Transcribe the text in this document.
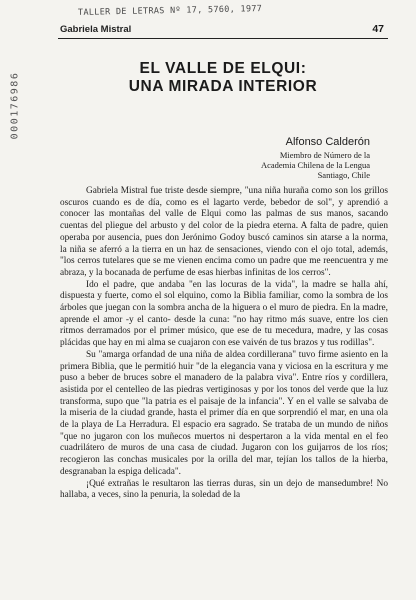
TALLER DE LETRAS Nº 17, 5760, 1977
Gabriela Mistral	47
000176986
EL VALLE DE ELQUI:
UNA MIRADA INTERIOR
Alfonso Calderón
Miembro de Número de la
Academia Chilena de la Lengua
Santiago, Chile

Gabriela Mistral fue triste desde siempre, "una niña huraña como son los grillos oscuros cuando es de día, como es el lagarto verde, bebedor de sol", y aprendió a conocer las montañas del valle de Elqui como las palmas de sus manos, sacando cuentas del pliegue del arbusto y del color de la piedra eterna. A falta de padre, quien operaba por ausencia, pues don Jerónimo Godoy buscó caminos sin atarse a la norma, la niña se aferró a la tierra en un haz de sensaciones, viendo con el ojo total, además, "los cerros tutelares que se me vienen encima como un padre que me reencuentra y me abraza, y la bocanada de perfume de esas hierbas infinitas de los cerros".

Ido el padre, que andaba "en las locuras de la vida", la madre se halla ahí, dispuesta y fuerte, como el sol elquino, como la Biblia familiar, como la sombra de los árboles que juegan con la sombra ancha de la higuera o el muro de piedra. En la madre, aprende el amor -y el canto- desde la cuna: "no hay ritmo más suave, entre los cien ritmos derramados por el primer músico, que ese de tu mecedura, madre, y las cosas plácidas que hay en mi alma se cuajaron con ese vaivén de tus brazos y tus rodillas".

Su "amarga orfandad de una niña de aldea cordillerana" tuvo firme asiento en la primera Biblia, que le permitió huir "de la elegancia vana y viciosa en la escritura y me puso a beber de bruces sobre el manadero de la palabra viva". Entre ríos y cordillera, asistida por el centelleo de las piedras vertiginosas y por los tonos del verde que la luz transforma, supo que "la patria es el paisaje de la infancia". Y en el valle se salvaba de la miseria de la ciudad grande, hasta el primer día en que sorprendió el mar, en una ola de la playa de La Herradura. El espacio era sagrado. Se trataba de un mundo de niños "que no jugaron con los muñecos muertos ni despertaron a la vida mental en el feo cuadrilátero de muros de una casa de ciudad. Jugaron con los guijarros de los ríos; recogieron las conchas musicales por la orilla del mar, tejían los tallos de la hierba, desgranaban la espiga delicada".

¡Qué extrañas le resultaron las tierras duras, sin un dejo de mansedumbre! No hallaba, a veces, sino la penuria, la soledad de la
